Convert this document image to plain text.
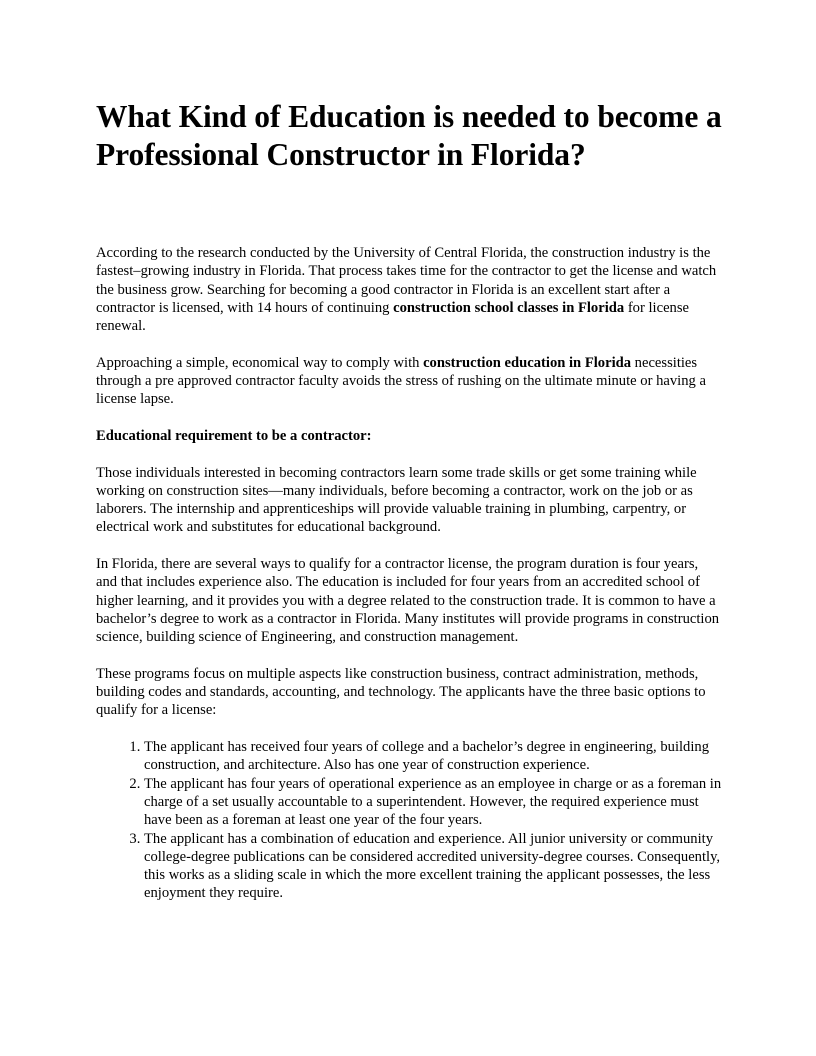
What Kind of Education is needed to become a Professional Constructor in Florida?

According to the research conducted by the University of Central Florida, the construction industry is the fastest–growing industry in Florida. That process takes time for the contractor to get the license and watch the business grow. Searching for becoming a good contractor in Florida is an excellent start after a contractor is licensed, with 14 hours of continuing construction school classes in Florida for license renewal.

Approaching a simple, economical way to comply with construction education in Florida necessities through a pre approved contractor faculty avoids the stress of rushing on the ultimate minute or having a license lapse.

Educational requirement to be a contractor:

Those individuals interested in becoming contractors learn some trade skills or get some training while working on construction sites—many individuals, before becoming a contractor, work on the job or as laborers. The internship and apprenticeships will provide valuable training in plumbing, carpentry, or electrical work and substitutes for educational background.

In Florida, there are several ways to qualify for a contractor license, the program duration is four years, and that includes experience also. The education is included for four years from an accredited school of higher learning, and it provides you with a degree related to the construction trade. It is common to have a bachelor’s degree to work as a contractor in Florida. Many institutes will provide programs in construction science, building science of Engineering, and construction management.

These programs focus on multiple aspects like construction business, contract administration, methods, building codes and standards, accounting, and technology. The applicants have the three basic options to qualify for a license:

1. The applicant has received four years of college and a bachelor’s degree in engineering, building construction, and architecture. Also has one year of construction experience.
2. The applicant has four years of operational experience as an employee in charge or as a foreman in charge of a set usually accountable to a superintendent. However, the required experience must have been as a foreman at least one year of the four years.
3. The applicant has a combination of education and experience. All junior university or community college-degree publications can be considered accredited university-degree courses. Consequently, this works as a sliding scale in which the more excellent training the applicant possesses, the less enjoyment they require.
